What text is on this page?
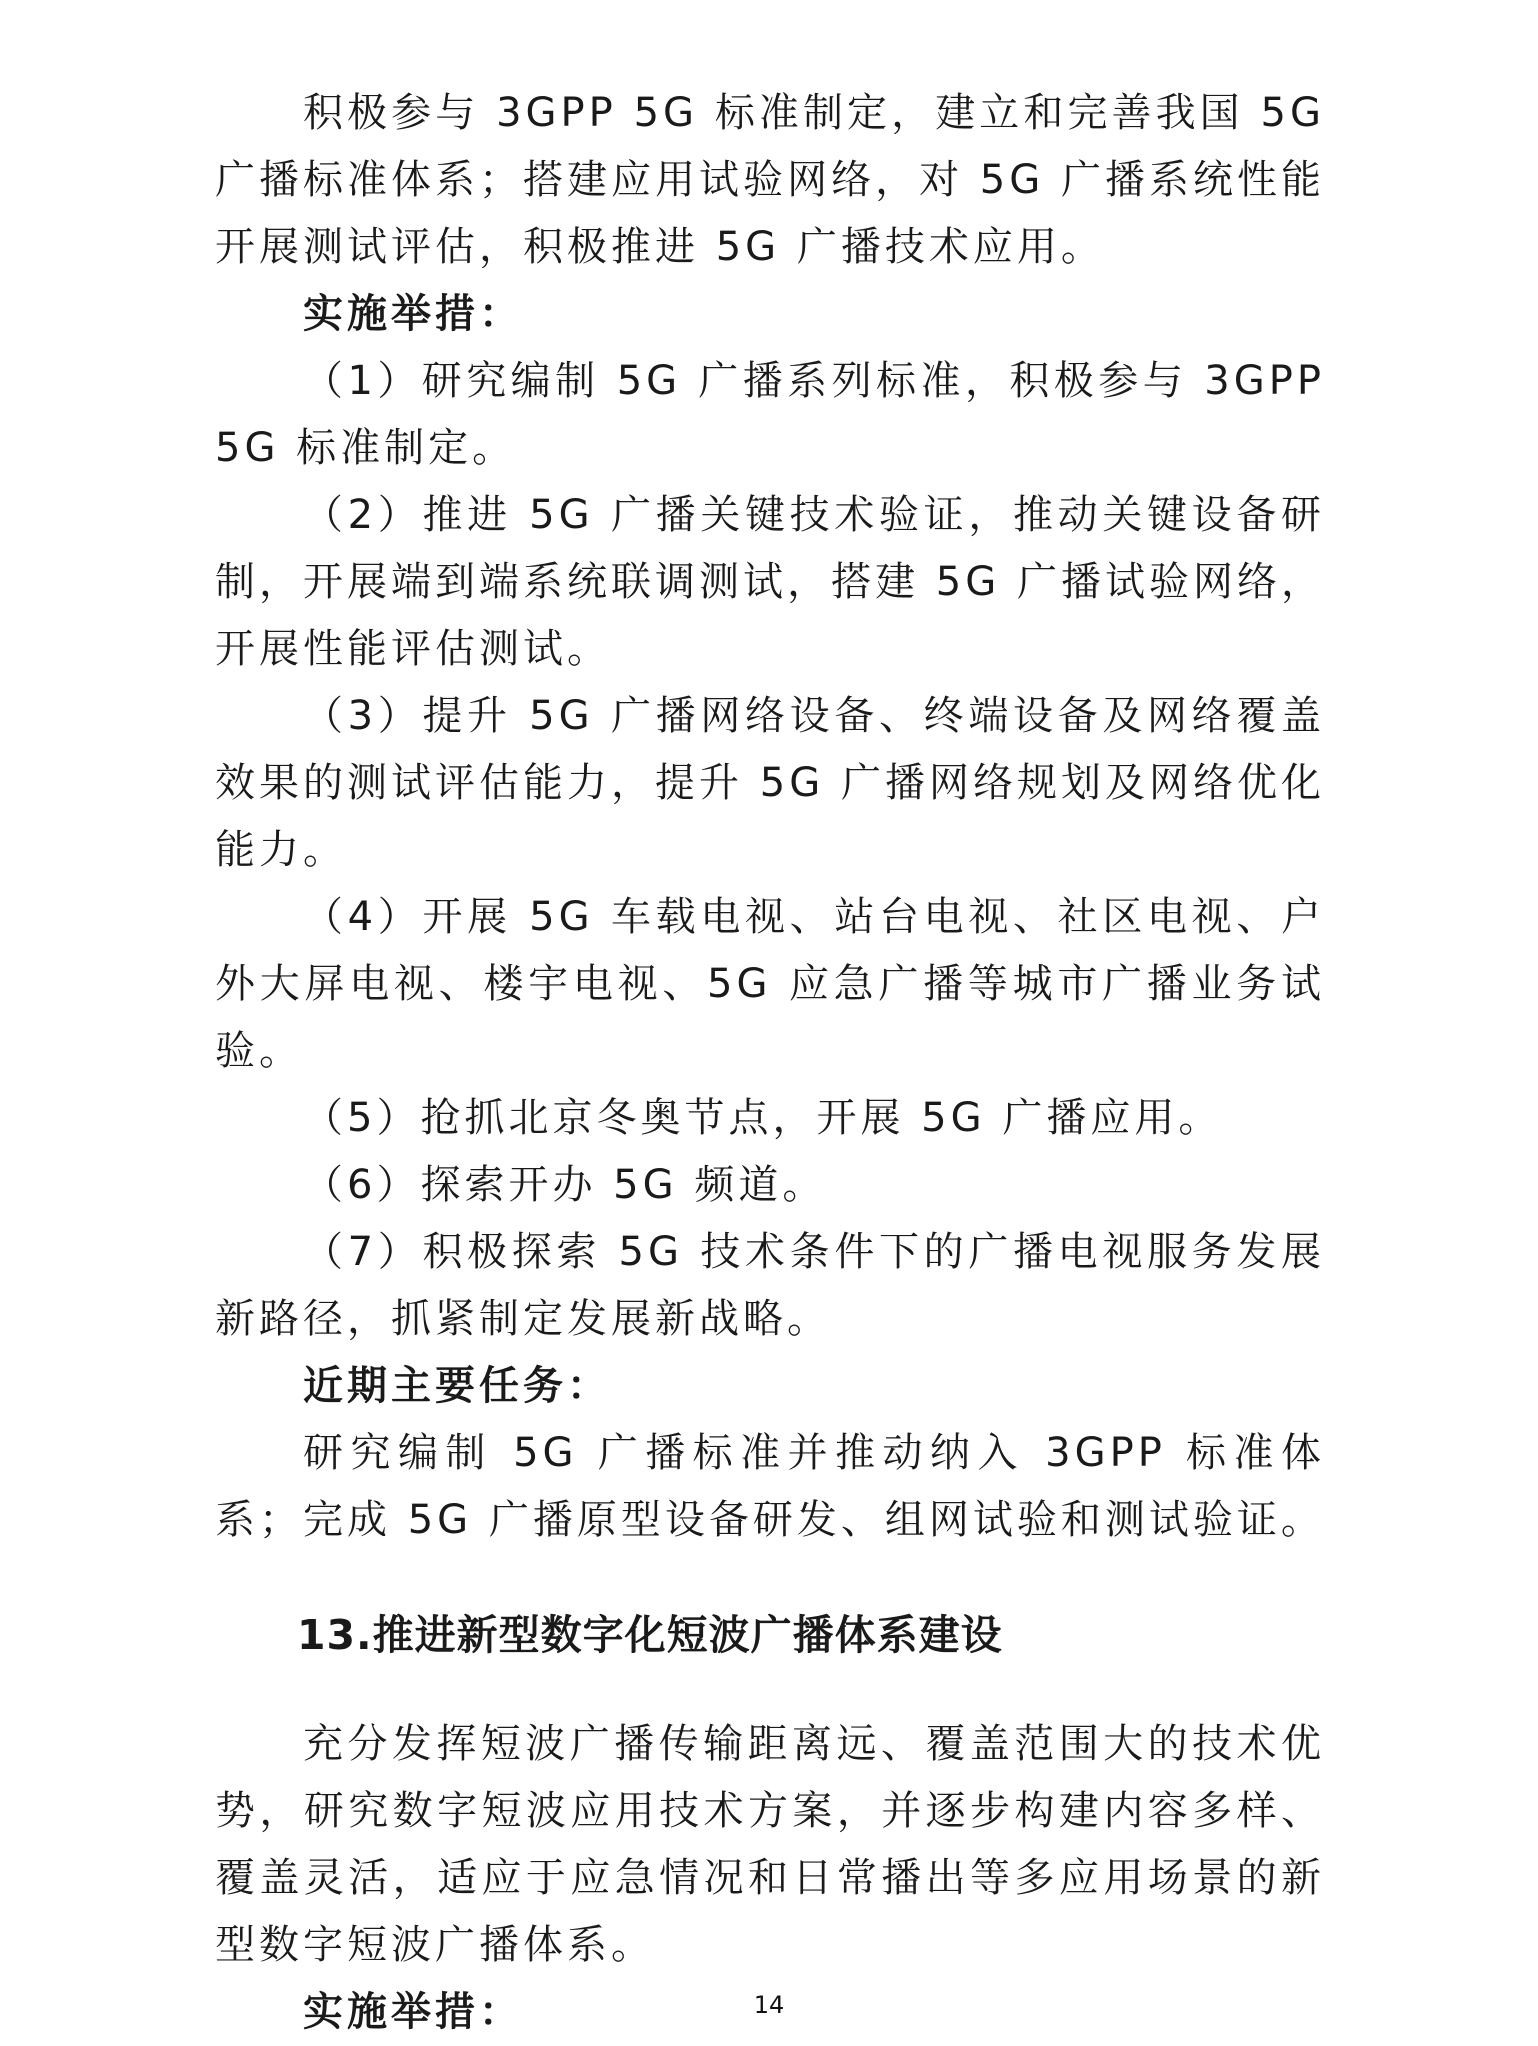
积极参与 3GPP 5G 标准制定，建立和完善我国 5G 广播标准体系；搭建应用试验网络，对 5G 广播系统性能开展测试评估，积极推进 5G 广播技术应用。

实施举措：

（1）研究编制 5G 广播系列标准，积极参与 3GPP 5G 标准制定。

（2）推进 5G 广播关键技术验证，推动关键设备研制，开展端到端系统联调测试，搭建 5G 广播试验网络，开展性能评估测试。

（3）提升 5G 广播网络设备、终端设备及网络覆盖效果的测试评估能力，提升 5G 广播网络规划及网络优化能力。

（4）开展 5G 车载电视、站台电视、社区电视、户外大屏电视、楼宇电视、5G 应急广播等城市广播业务试验。

（5）抢抓北京冬奥节点，开展 5G 广播应用。

（6）探索开办 5G 频道。

（7）积极探索 5G 技术条件下的广播电视服务发展新路径，抓紧制定发展新战略。

近期主要任务：

研究编制 5G 广播标准并推动纳入 3GPP 标准体系；完成 5G 广播原型设备研发、组网试验和测试验证。

13.推进新型数字化短波广播体系建设

充分发挥短波广播传输距离远、覆盖范围大的技术优势，研究数字短波应用技术方案，并逐步构建内容多样、覆盖灵活，适应于应急情况和日常播出等多应用场景的新型数字短波广播体系。

实施举措：	14
